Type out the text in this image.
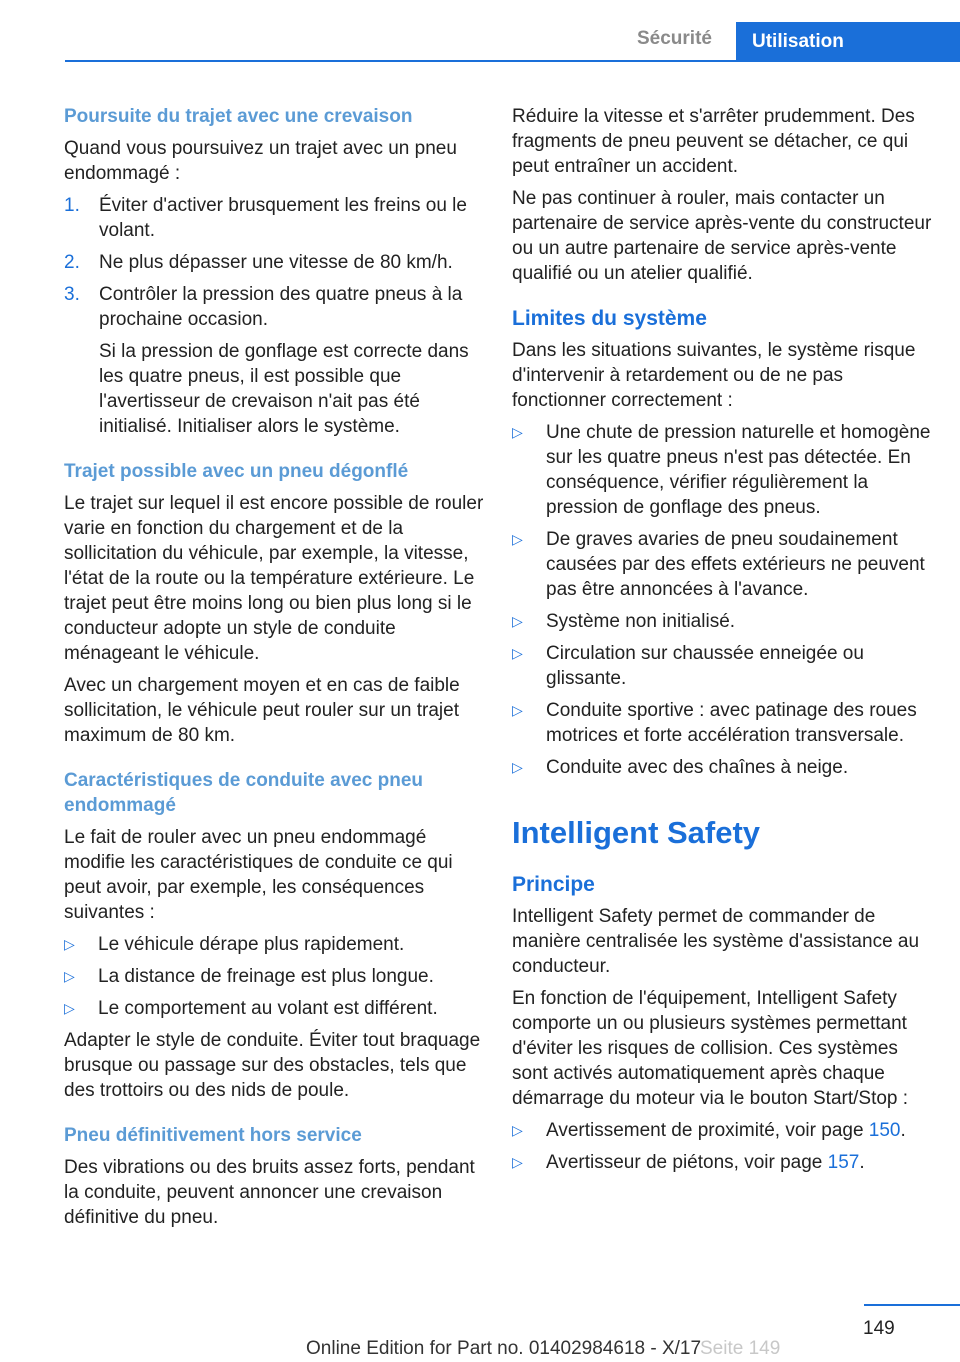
Sécurité	Utilisation

Poursuite du trajet avec une crevaison

Quand vous poursuivez un trajet avec un pneu endommagé :

1.	Éviter d'activer brusquement les freins ou le volant.
2.	Ne plus dépasser une vitesse de 80 km/h.
3.	Contrôler la pression des quatre pneus à la prochaine occasion.

Si la pression de gonflage est correcte dans les quatre pneus, il est possible que l'avertisseur de crevaison n'ait pas été initialisé. Initialiser alors le système.

Trajet possible avec un pneu dégonflé

Le trajet sur lequel il est encore possible de rouler varie en fonction du chargement et de la sollicitation du véhicule, par exemple, la vitesse, l'état de la route ou la température extérieure. Le trajet peut être moins long ou bien plus long si le conducteur adopte un style de conduite ménageant le véhicule.

Avec un chargement moyen et en cas de faible sollicitation, le véhicule peut rouler sur un trajet maximum de 80 km.

Caractéristiques de conduite avec pneu endommagé

Le fait de rouler avec un pneu endommagé modifie les caractéristiques de conduite ce qui peut avoir, par exemple, les conséquences suivantes :

▷	Le véhicule dérape plus rapidement.
▷	La distance de freinage est plus longue.
▷	Le comportement au volant est différent.

Adapter le style de conduite. Éviter tout braquage brusque ou passage sur des obstacles, tels que des trottoirs ou des nids de poule.

Pneu définitivement hors service

Des vibrations ou des bruits assez forts, pendant la conduite, peuvent annoncer une crevaison définitive du pneu.

Réduire la vitesse et s'arrêter prudemment. Des fragments de pneu peuvent se détacher, ce qui peut entraîner un accident.

Ne pas continuer à rouler, mais contacter un partenaire de service après-vente du constructeur ou un autre partenaire de service après-vente qualifié ou un atelier qualifié.

Limites du système

Dans les situations suivantes, le système risque d'intervenir à retardement ou de ne pas fonctionner correctement :

▷	Une chute de pression naturelle et homogène sur les quatre pneus n'est pas détectée. En conséquence, vérifier régulièrement la pression de gonflage des pneus.
▷	De graves avaries de pneu soudainement causées par des effets extérieurs ne peuvent pas être annoncées à l'avance.
▷	Système non initialisé.
▷	Circulation sur chaussée enneigée ou glissante.
▷	Conduite sportive : avec patinage des roues motrices et forte accélération transversale.
▷	Conduite avec des chaînes à neige.

Intelligent Safety

Principe

Intelligent Safety permet de commander de manière centralisée les système d'assistance au conducteur.

En fonction de l'équipement, Intelligent Safety comporte un ou plusieurs systèmes permettant d'éviter les risques de collision. Ces systèmes sont activés automatiquement après chaque démarrage du moteur via le bouton Start/Stop :

▷	Avertissement de proximité, voir page 150.
▷	Avertisseur de piétons, voir page 157.
149
Online Edition for Part no. 01402984618 - X/17
Seite 149
